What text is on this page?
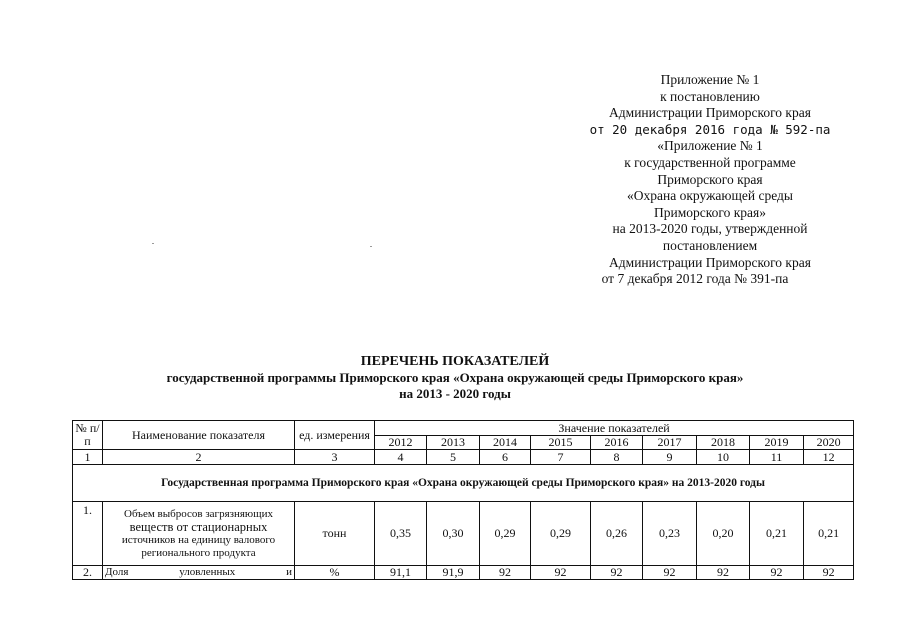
Приложение № 1
к постановлению
Администрации Приморского края
от 20 декабря 2016 года № 592-па
«Приложение № 1
к государственной программе
Приморского края
«Охрана окружающей среды
Приморского края»
на 2013-2020 годы, утвержденной
постановлением
Администрации Приморского края
от 7 декабря 2012 года № 391-па
ПЕРЕЧЕНЬ ПОКАЗАТЕЛЕЙ
государственной программы Приморского края «Охрана окружающей среды Приморского края»
на 2013 - 2020 годы
№ п/п	Наименование показателя	ед. измерения	Значение показателей								
			2012	2013	2014	2015	2016	2017	2018	2019	2020
1	2	3	4	5	6	7	8	9	10	11	12
Государственная программа Приморского края «Охрана окружающей среды Приморского края» на 2013-2020 годы											
1.	Объем выбросов загрязняющих веществ от стационарных источников на единицу валового регионального продукта	тонн	0,35	0,30	0,29	0,29	0,26	0,23	0,20	0,21	0,21
2.	Доля уловленных и	%	91,1	91,9	92	92	92	92	92	92	92
